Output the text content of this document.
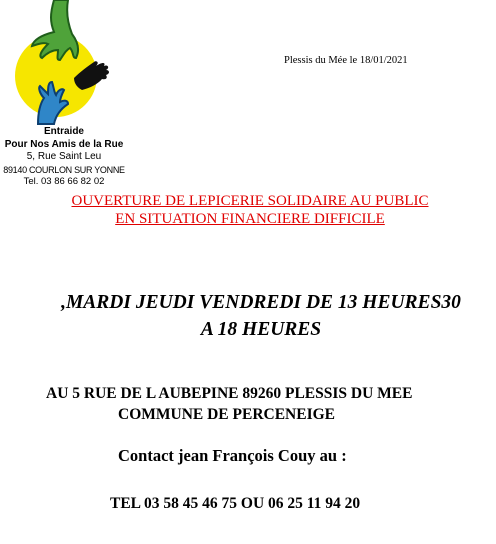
Entraide
Pour Nos Amis de la Rue
5, Rue Saint Leu
89140 COURLON SUR YONNE
Tel. 03 86 66 82 02
Plessis du Mée le 18/01/2021
OUVERTURE DE LEPICERIE SOLIDAIRE AU PUBLIC
EN SITUATION FINANCIERE DIFFICILE
,MARDI JEUDI VENDREDI DE 13 HEURES30
A 18 HEURES
AU 5 RUE DE L AUBEPINE 89260 PLESSIS DU MEE
COMMUNE DE PERCENEIGE
Contact jean François Couy au :
TEL 03 58 45 46 75 OU 06 25 11 94 20
